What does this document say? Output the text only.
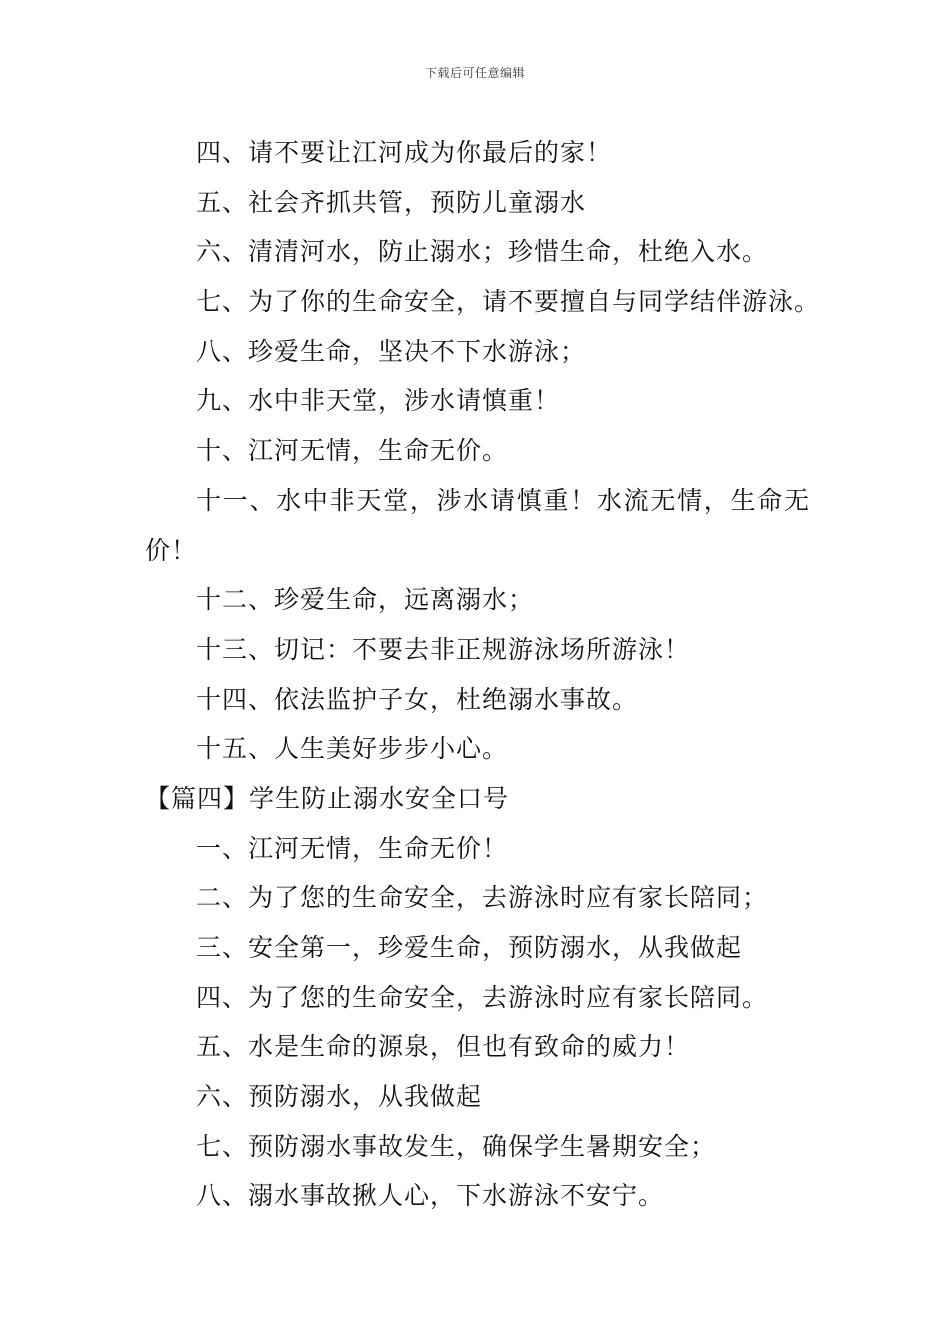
下载后可任意编辑
四、请不要让江河成为你最后的家！
五、社会齐抓共管，预防儿童溺水
六、清清河水，防止溺水；珍惜生命，杜绝入水。
七、为了你的生命安全，请不要擅自与同学结伴游泳。
八、珍爱生命，坚决不下水游泳；
九、水中非天堂，涉水请慎重！
十、江河无情，生命无价。
十一、水中非天堂，涉水请慎重！水流无情，生命无价！
十二、珍爱生命，远离溺水；
十三、切记：不要去非正规游泳场所游泳！
十四、依法监护子女，杜绝溺水事故。
十五、人生美好步步小心。
【篇四】学生防止溺水安全口号
一、江河无情，生命无价！
二、为了您的生命安全，去游泳时应有家长陪同；
三、安全第一，珍爱生命，预防溺水，从我做起
四、为了您的生命安全，去游泳时应有家长陪同。
五、水是生命的源泉，但也有致命的威力！
六、预防溺水，从我做起
七、预防溺水事故发生，确保学生暑期安全；
八、溺水事故揪人心，下水游泳不安宁。
